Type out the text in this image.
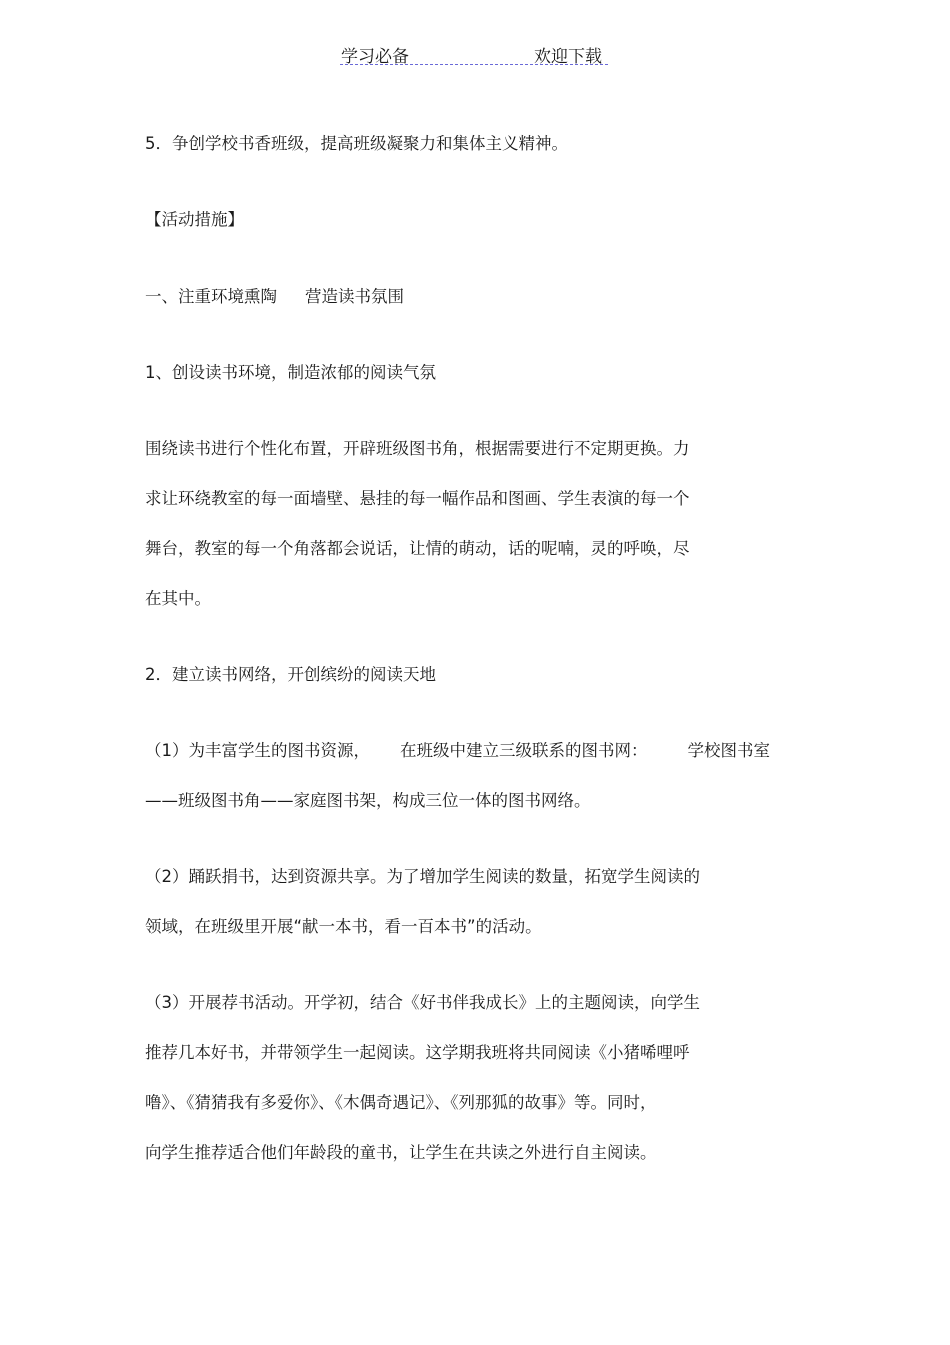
学习必备	欢迎下载
5．争创学校书香班级，提高班级凝聚力和集体主义精神。
【活动措施】
一、注重环境熏陶 营造读书氛围
1、创设读书环境，制造浓郁的阅读气氛
围绕读书进行个性化布置，开辟班级图书角，根据需要进行不定期更换。力
求让环绕教室的每一面墙壁、悬挂的每一幅作品和图画、学生表演的每一个
舞台，教室的每一个角落都会说话，让情的萌动，话的呢喃，灵的呼唤，尽
在其中。
2．建立读书网络，开创缤纷的阅读天地
（1）为丰富学生的图书资源， 在班级中建立三级联系的图书网： 学校图书室
——班级图书角——家庭图书架，构成三位一体的图书网络。
（2）踊跃捐书，达到资源共享。为了增加学生阅读的数量，拓宽学生阅读的
领域，在班级里开展“献一本书，看一百本书”的活动。
（3）开展荐书活动。开学初，结合《好书伴我成长》上的主题阅读，向学生
推荐几本好书，并带领学生一起阅读。这学期我班将共同阅读《小猪唏哩呼
噜》、《猜猜我有多爱你》、《木偶奇遇记》、《列那狐的故事》等。同时，
向学生推荐适合他们年龄段的童书，让学生在共读之外进行自主阅读。
